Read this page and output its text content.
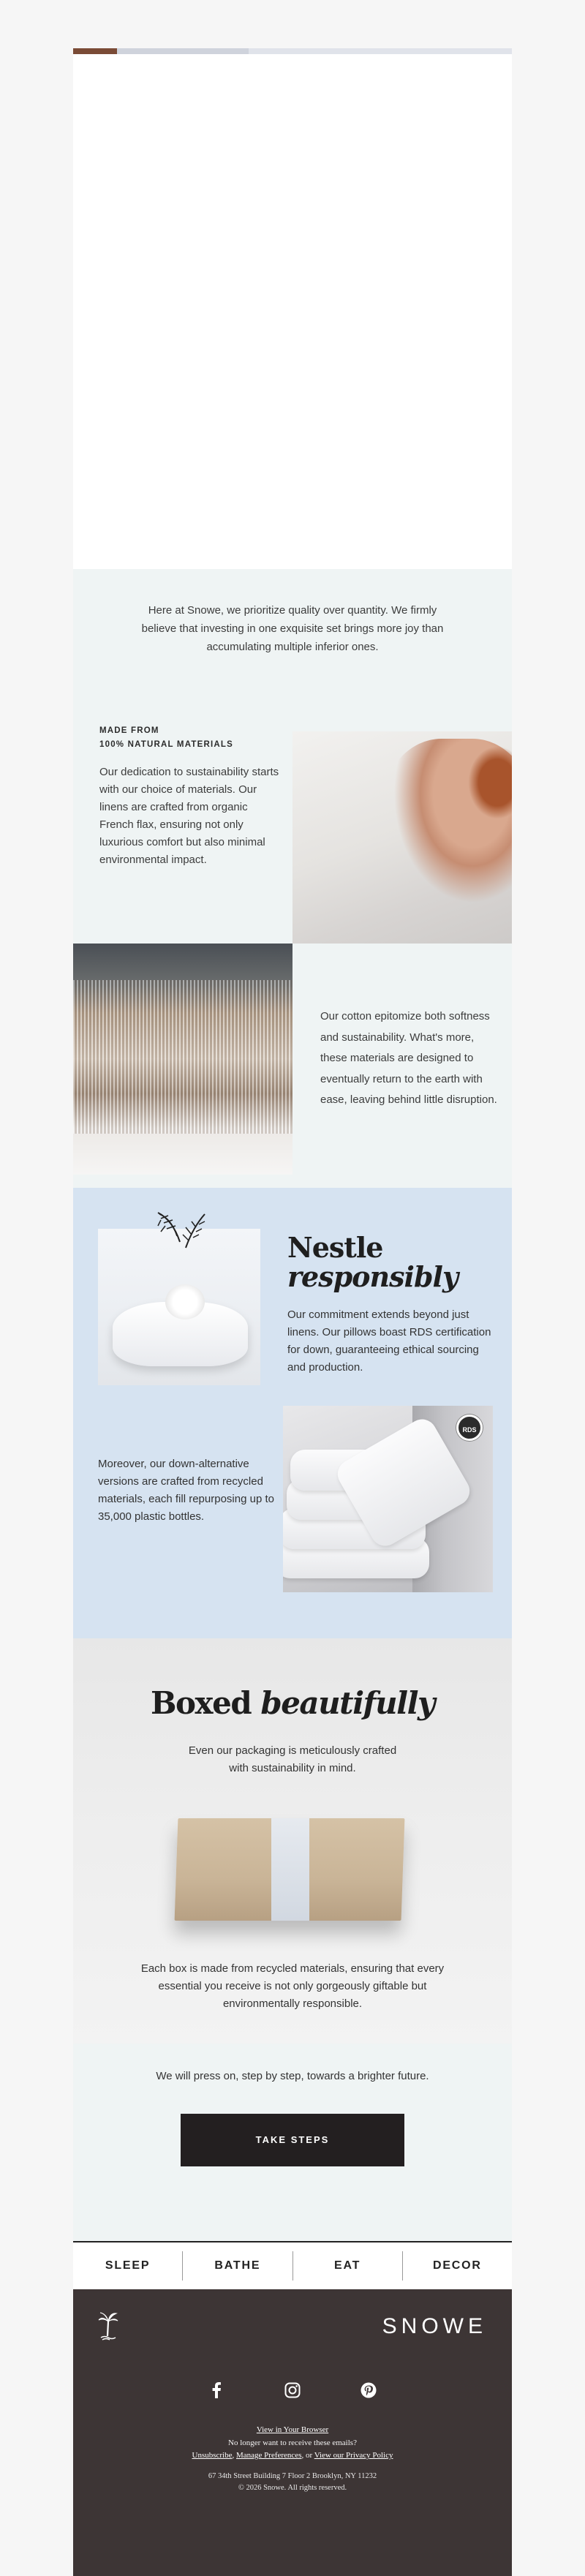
Here at Snowe, we prioritize quality over quantity. We firmly believe that investing in one exquisite set brings more joy than accumulating multiple inferior ones.

MADE FROM
100% NATURAL MATERIALS

Our dedication to sustainability starts with our choice of materials. Our linens are crafted from organic French flax, ensuring not only luxurious comfort but also minimal environmental impact.

Our cotton epitomize both softness and sustainability. What's more, these materials are designed to eventually return to the earth with ease, leaving behind little disruption.

Nestle
responsibly

Our commitment extends beyond just linens. Our pillows boast RDS certification for down, guaranteeing ethical sourcing and production.

Moreover, our down-alternative versions are crafted from recycled materials, each fill repurposing up to 35,000 plastic bottles.

RDS
Boxed beautifully

Even our packaging is meticulously crafted with sustainability in mind.

Each box is made from recycled materials, ensuring that every essential you receive is not only gorgeously giftable but environmentally responsible.

We will press on, step by step, towards a brighter future.

TAKE STEPS
SLEEP	BATHE	EAT	DECOR
SNOWE
View in Your Browser
No longer want to receive these emails?
Unsubscribe, Manage Preferences, or View our Privacy Policy
67 34th Street Building 7 Floor 2 Brooklyn, NY 11232
© 2026 Snowe. All rights reserved.
